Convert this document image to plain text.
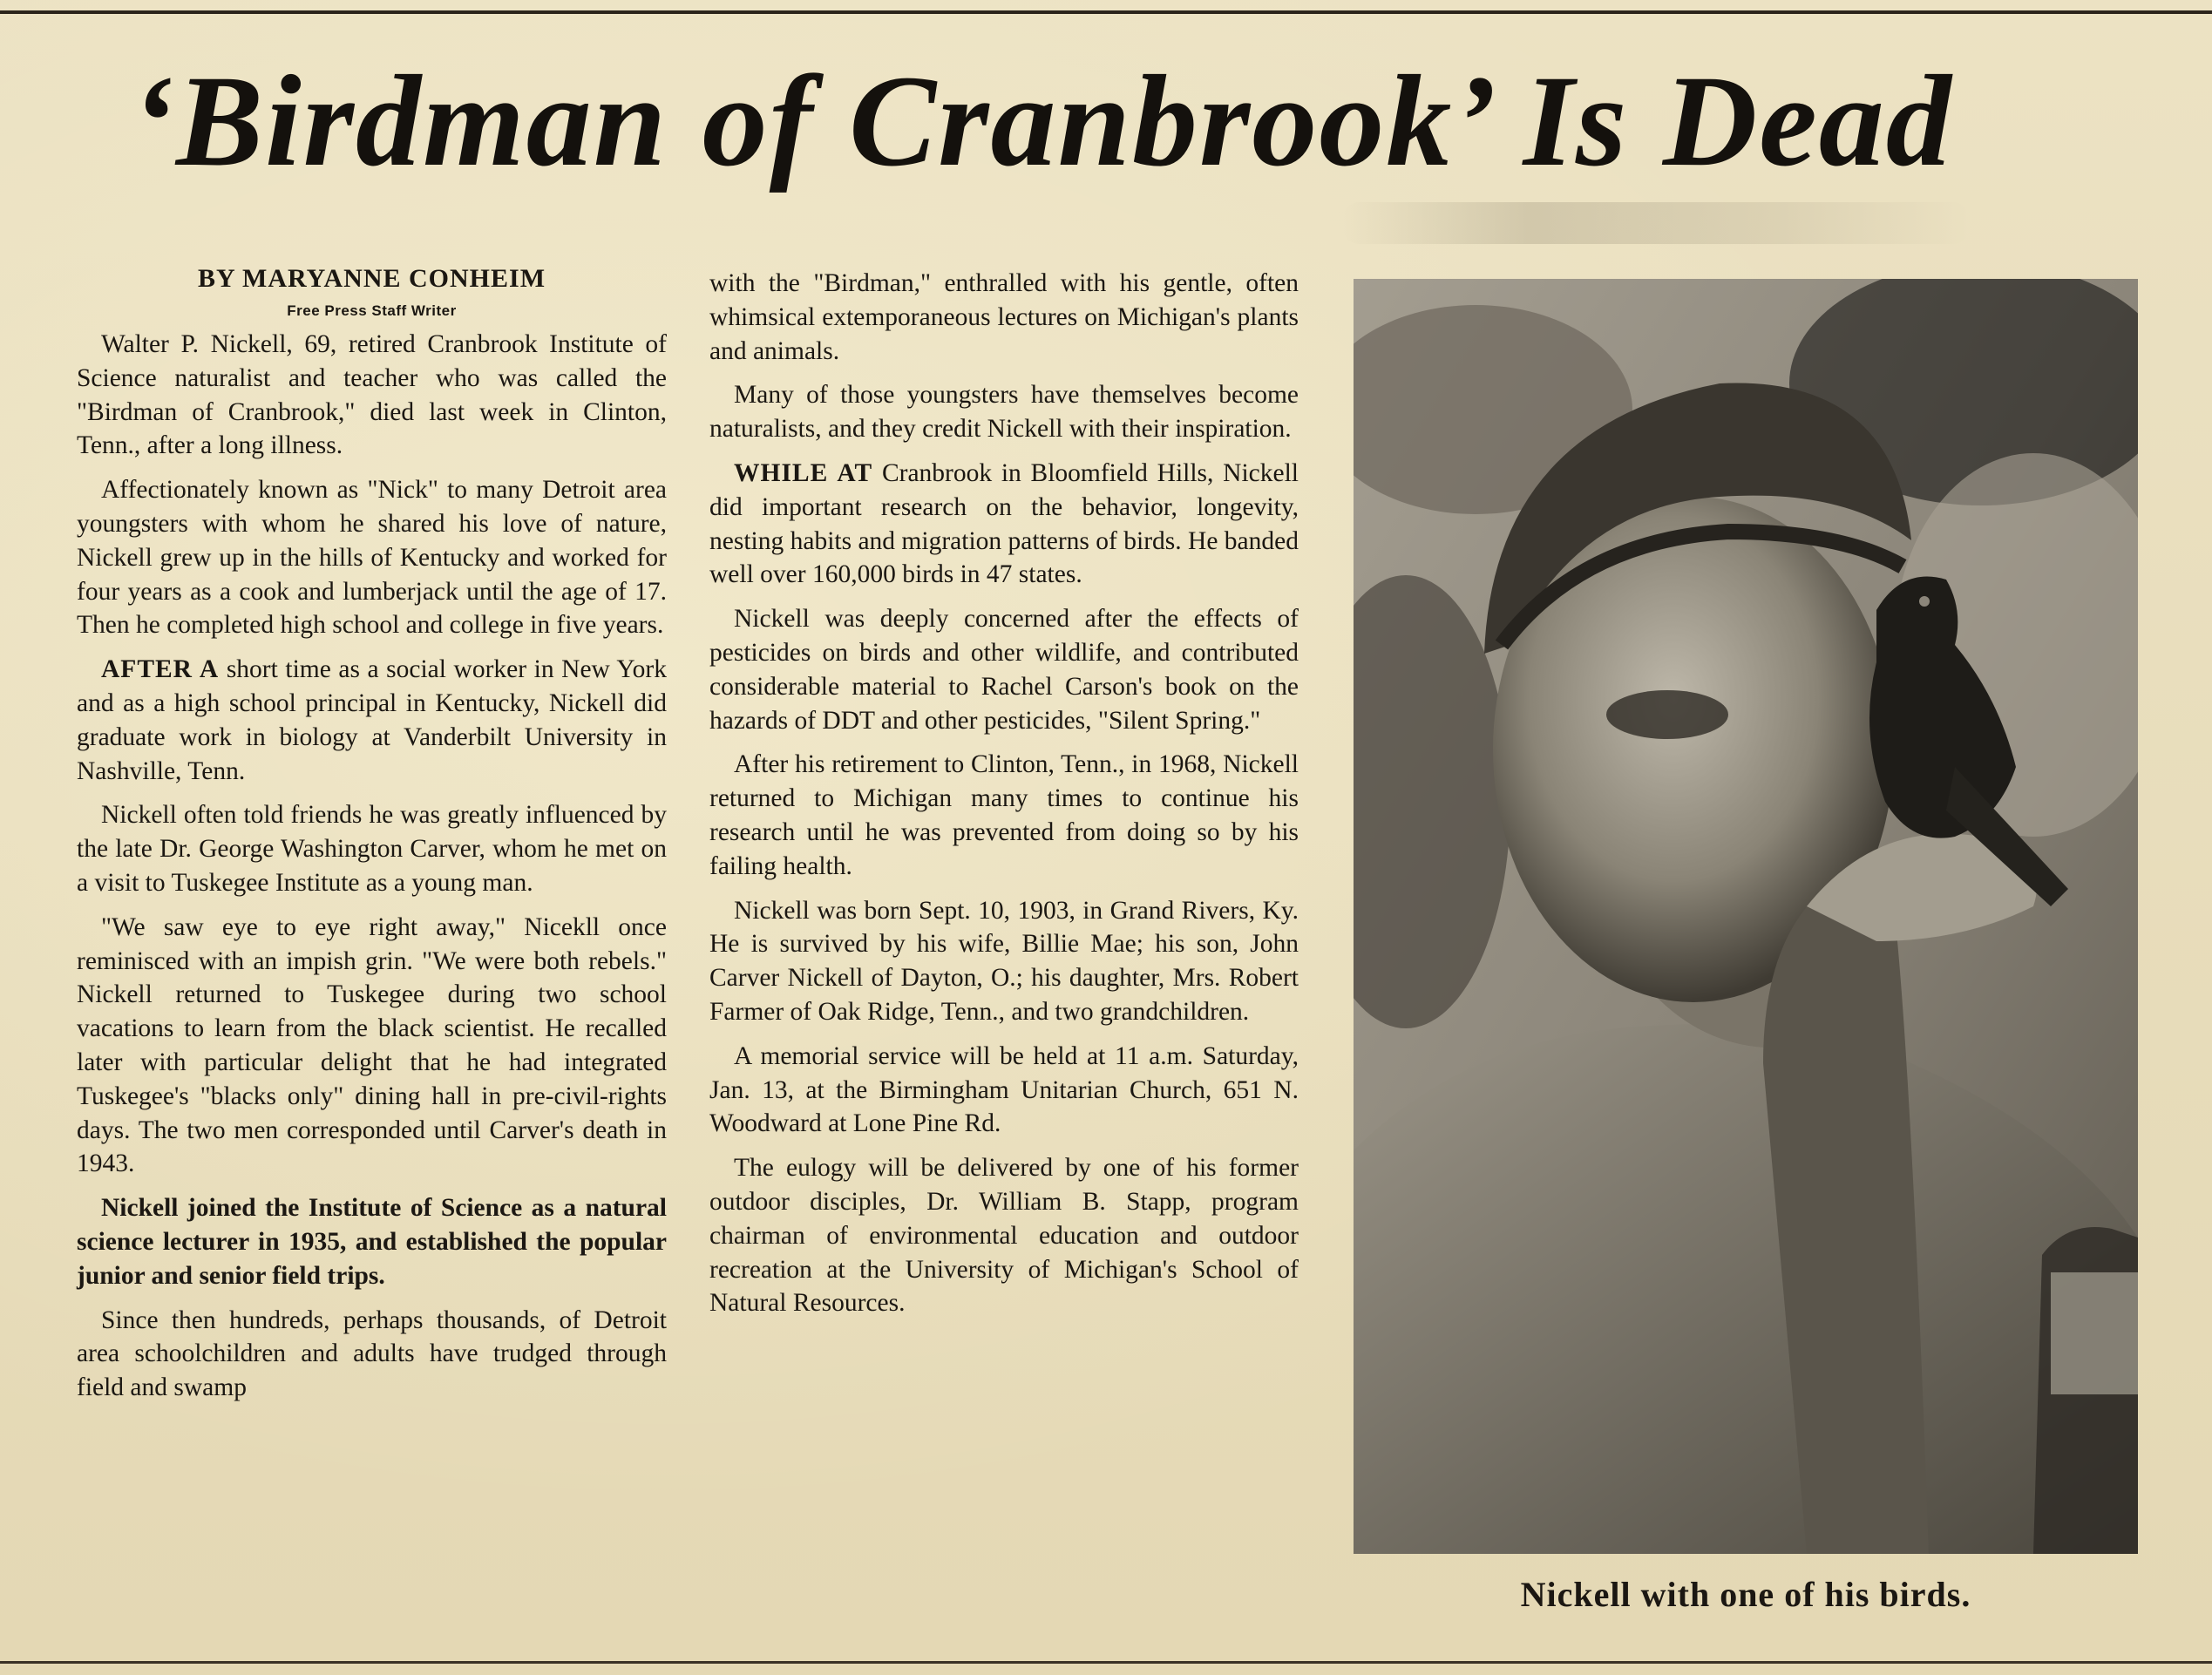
‘Birdman of Cranbrook’ Is Dead
BY MARYANNE CONHEIM
Free Press Staff Writer

Walter P. Nickell, 69, retired Cranbrook Institute of Science naturalist and teacher who was called the "Birdman of Cranbrook," died last week in Clinton, Tenn., after a long illness.

Affectionately known as "Nick" to many Detroit area youngsters with whom he shared his love of nature, Nickell grew up in the hills of Kentucky and worked for four years as a cook and lumberjack until the age of 17. Then he completed high school and college in five years.

AFTER A short time as a social worker in New York and as a high school principal in Kentucky, Nickell did graduate work in biology at Vanderbilt University in Nashville, Tenn.

Nickell often told friends he was greatly influenced by the late Dr. George Washington Carver, whom he met on a visit to Tuskegee Institute as a young man.

"We saw eye to eye right away," Nicekll once reminisced with an impish grin. "We were both rebels." Nickell returned to Tuskegee during two school vacations to learn from the black scientist. He recalled later with particular delight that he had integrated Tuskegee's "blacks only" dining hall in pre-civil-rights days. The two men corresponded until Carver's death in 1943.

Nickell joined the Institute of Science as a natural science lecturer in 1935, and established the popular junior and senior field trips.

Since then hundreds, perhaps thousands, of Detroit area schoolchildren and adults have trudged through field and swamp

with the "Birdman," enthralled with his gentle, often whimsical extemporaneous lectures on Michigan's plants and animals.

Many of those youngsters have themselves become naturalists, and they credit Nickell with their inspiration.

WHILE AT Cranbrook in Bloomfield Hills, Nickell did important research on the behavior, longevity, nesting habits and migration patterns of birds. He banded well over 160,000 birds in 47 states.

Nickell was deeply concerned after the effects of pesticides on birds and other wildlife, and contributed considerable material to Rachel Carson's book on the hazards of DDT and other pesticides, "Silent Spring."

After his retirement to Clinton, Tenn., in 1968, Nickell returned to Michigan many times to continue his research until he was prevented from doing so by his failing health.

Nickell was born Sept. 10, 1903, in Grand Rivers, Ky. He is survived by his wife, Billie Mae; his son, John Carver Nickell of Dayton, O.; his daughter, Mrs. Robert Farmer of Oak Ridge, Tenn., and two grandchildren.

A memorial service will be held at 11 a.m. Saturday, Jan. 13, at the Birmingham Unitarian Church, 651 N. Woodward at Lone Pine Rd.

The eulogy will be delivered by one of his former outdoor disciples, Dr. William B. Stapp, program chairman of environmental education and outdoor recreation at the University of Michigan's School of Natural Resources.

Nickell with one of his birds.
